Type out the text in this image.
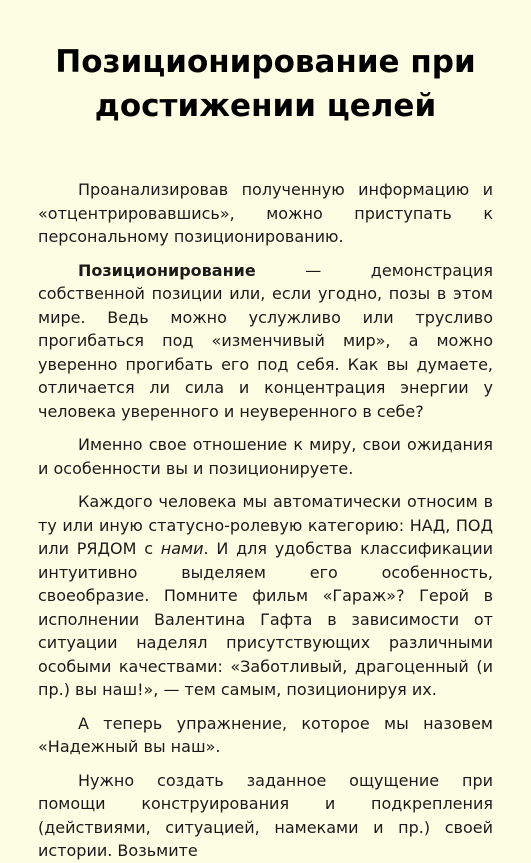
Позиционирование при достижении целей

Проанализировав полученную информацию и «отцентрировавшись», можно приступать к персональному позиционированию.

Позиционирование — демонстрация собственной позиции или, если угодно, позы в этом мире. Ведь можно услужливо или трусливо прогибаться под «изменчивый мир», а можно уверенно прогибать его под себя. Как вы думаете, отличается ли сила и концентрация энергии у человека уверенного и неуверенного в себе?

Именно свое отношение к миру, свои ожидания и особенности вы и позиционируете.

Каждого человека мы автоматически относим в ту или иную статусно-ролевую категорию: НАД, ПОД или РЯДОМ с нами. И для удобства классификации интуитивно выделяем его особенность, своеобразие. Помните фильм «Гараж»? Герой в исполнении Валентина Гафта в зависимости от ситуации наделял присутствующих различными особыми качествами: «Заботливый, драгоценный (и пр.) вы наш!», — тем самым, позиционируя их.

А теперь упражнение, которое мы назовем «Надежный вы наш».

Нужно создать заданное ощущение при помощи конструирования и подкрепления (действиями, ситуацией, намеками и пр.) своей истории. Возьмите
